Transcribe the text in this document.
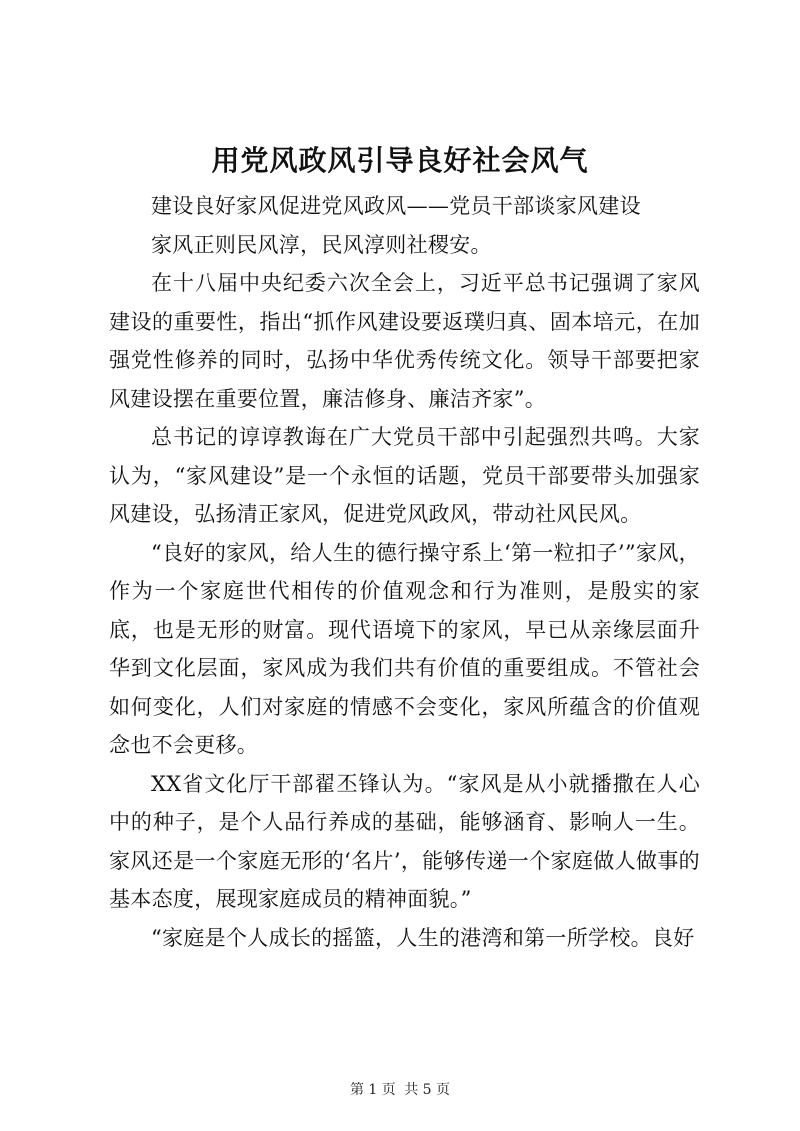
用党风政风引导良好社会风气

建设良好家风促进党风政风——党员干部谈家风建设

家风正则民风淳，民风淳则社稷安。

在十八届中央纪委六次全会上，习近平总书记强调了家风建设的重要性，指出“抓作风建设要返璞归真、固本培元，在加强党性修养的同时，弘扬中华优秀传统文化。领导干部要把家风建设摆在重要位置，廉洁修身、廉洁齐家”。

总书记的谆谆教诲在广大党员干部中引起强烈共鸣。大家认为，“家风建设”是一个永恒的话题，党员干部要带头加强家风建设，弘扬清正家风，促进党风政风，带动社风民风。

“良好的家风，给人生的德行操守系上‘第一粒扣子’”家风，作为一个家庭世代相传的价值观念和行为准则，是殷实的家底，也是无形的财富。现代语境下的家风，早已从亲缘层面升华到文化层面，家风成为我们共有价值的重要组成。不管社会如何变化，人们对家庭的情感不会变化，家风所蕴含的价值观念也不会更移。

XX省文化厅干部翟丕锋认为。“家风是从小就播撒在人心中的种子，是个人品行养成的基础，能够涵育、影响人一生。家风还是一个家庭无形的‘名片’，能够传递一个家庭做人做事的基本态度，展现家庭成员的精神面貌。”

“家庭是个人成长的摇篮，人生的港湾和第一所学校。良好

第 1 页 共 5 页
